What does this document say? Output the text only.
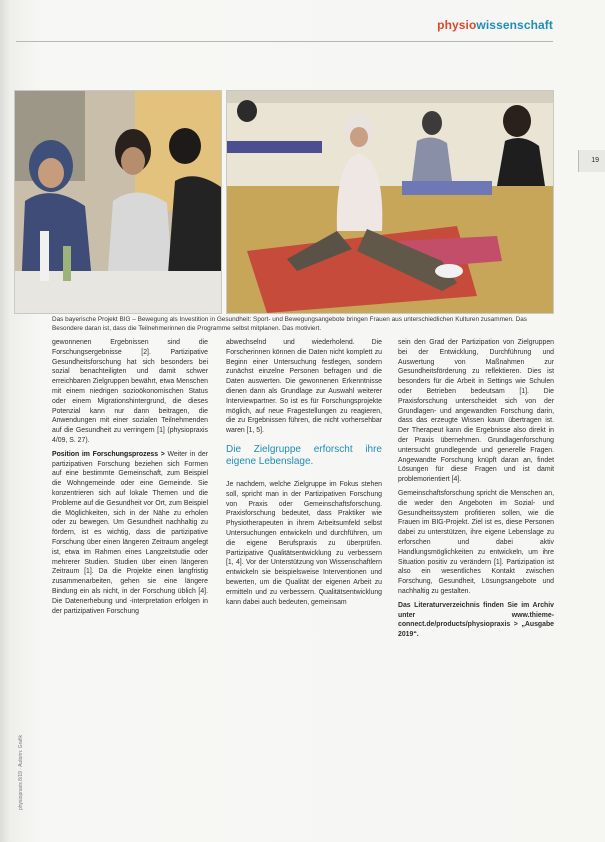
physiowissenschaft
19
Das bayerische Projekt BIG – Bewegung als Investition in Gesundheit: Sport- und Bewegungsangebote bringen Frauen aus unterschiedlichen Kulturen zusammen. Das Besondere daran ist, dass die Teilnehmerinnen die Programme selbst mitplanen. Das motiviert.

gewonnenen Ergebnissen sind die Forschungsergebnisse [2]. Partizipative Gesundheitsforschung hat sich besonders bei sozial benachteiligten und damit schwer erreichbaren Zielgruppen bewährt, etwa Menschen mit einem niedrigen sozioökonomischen Status oder einem Migrationshintergrund, die dieses Potenzial kann nur dann beitragen, die Anwendungen mit einer sozialen Teilnehmenden auf die Gesundheit zu verringern [1] (physiopraxis 4/09, S. 27).

Position im Forschungsprozess > Weiter in der partizipativen Forschung beziehen sich Formen auf eine bestimmte Gemeinschaft, zum Beispiel die Wohngemeinde oder eine Gemeinde. Sie konzentrieren sich auf lokale Themen und die Probleme auf die Gesundheit vor Ort, zum Beispiel die Möglichkeiten, sich in der Nähe zu erholen oder zu bewegen. Um Gesundheit nachhaltig zu fördern, ist es wichtig, dass die partizipative Forschung über einen längeren Zeitraum angelegt ist, etwa im Rahmen eines Langzeitstudie oder mehrerer Studien. Studien über einen längeren Zeitraum [1]. Da die Projekte einen langfristig zusammenarbeiten, gehen sie eine längere Bindung ein als nicht, in der Forschung üblich [4]. Die Datenerhebung und -interpretation erfolgen in der partizipativen Forschung

abwechselnd und wiederholend. Die Forscherinnen können die Daten nicht komplett zu Beginn einer Untersuchung festlegen, sondern zunächst einzelne Personen befragen und die Daten auswerten. Die gewonnenen Erkenntnisse dienen dann als Grundlage zur Auswahl weiterer Interviewpartner. So ist es für Forschungsprojekte möglich, auf neue Fragestellungen zu reagieren, die zu Ergebnissen führen, die nicht vorhersehbar waren [1, 5].

Die Zielgruppe erforscht ihre eigene Lebenslage.

Je nachdem, welche Zielgruppe im Fokus stehen soll, spricht man in der Partizipativen Forschung von Praxis oder Gemeinschaftsforschung. Praxisforschung bedeutet, dass Praktiker wie Physiotherapeuten in ihrem Arbeitsumfeld selbst Untersuchungen entwickeln und durchführen, um die eigene Berufspraxis zu überprüfen. Partizipative Qualitätsentwicklung zu verbessern [1, 4]. Vor der Unterstützung von Wissenschaftlern entwickeln sie beispielsweise Interventionen und bewerten, um die Qualität der eigenen Arbeit zu ermitteln und zu verbessern. Qualitätsentwicklung kann dabei auch bedeuten, gemeinsam

sein den Grad der Partizipation von Zielgruppen bei der Entwicklung, Durchführung und Auswertung von Maßnahmen zur Gesundheitsförderung zu reflektieren. Dies ist besonders für die Arbeit in Settings wie Schulen oder Betrieben bedeutsam [1]. Die Praxisforschung unterscheidet sich von der Grundlagen- und angewandten Forschung darin, dass das erzeugte Wissen kaum übertragen ist. Der Therapeut kann die Ergebnisse also direkt in der Praxis übernehmen. Grundlagenforschung untersucht grundlegende und generelle Fragen. Angewandte Forschung knüpft daran an, findet Lösungen für diese Fragen und ist damit problemorientiert [4].

Gemeinschaftsforschung spricht die Menschen an, die weder den Angeboten im Sozial- und Gesundheitssystem profitieren sollen, wie die Frauen im BIG-Projekt. Ziel ist es, diese Personen dabei zu unterstützen, ihre eigene Lebenslage zu erforschen und dabei aktiv Handlungsmöglichkeiten zu entwickeln, um ihre Situation positiv zu verändern [1]. Partizipation ist also ein wesentliches Kontakt zwischen Forschung, Gesundheit, Lösungsangebote und nachhaltig zu gestalten.

Das Literaturverzeichnis finden Sie im Archiv unter www.thieme-connect.de/products/physiopraxis > „Ausgabe 2019“.

physiopraxis 8/19 · Autorin: Grafik
